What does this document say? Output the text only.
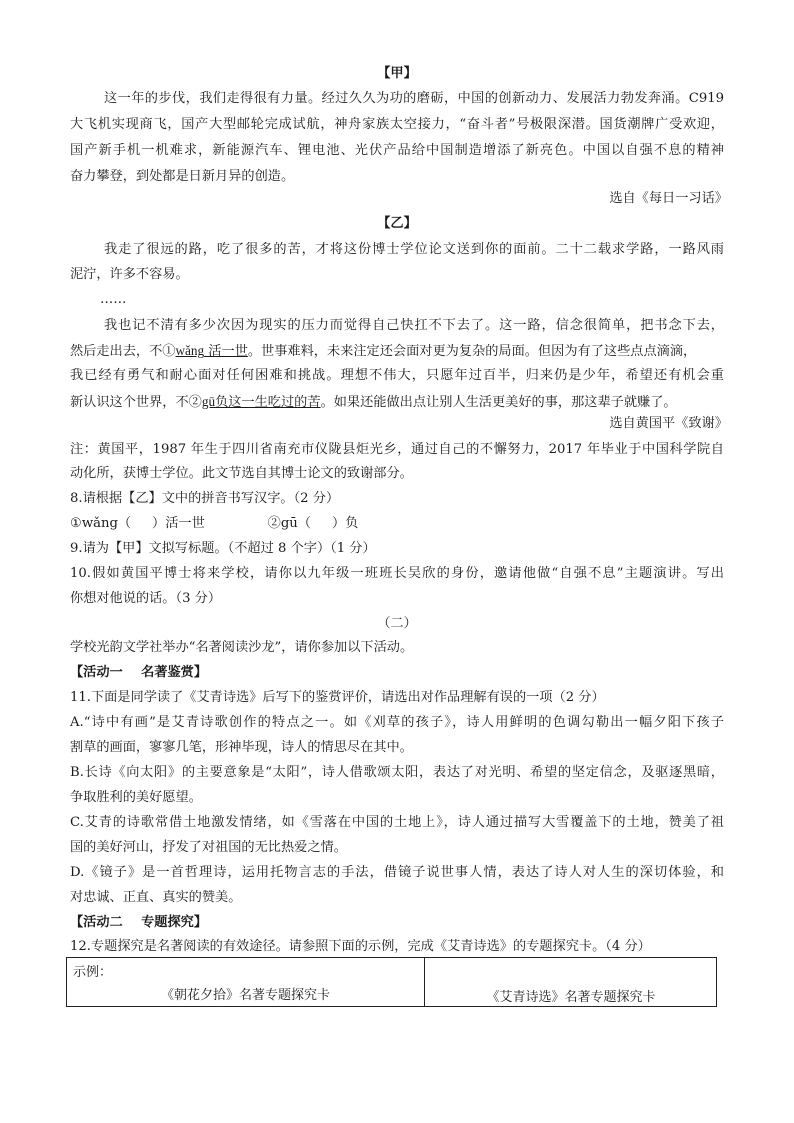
【甲】
这一年的步伐，我们走得很有力量。经过久久为功的磨砺，中国的创新动力、发展活力勃发奔涌。C919
大飞机实现商飞，国产大型邮轮完成试航，神舟家族太空接力，“奋斗者”号极限深潜。国货潮牌广受欢迎，
国产新手机一机难求，新能源汽车、锂电池、光伏产品给中国制造增添了新亮色。中国以自强不息的精神
奋力攀登，到处都是日新月异的创造。
选自《每日一习话》
【乙】
我走了很远的路，吃了很多的苦，才将这份博士学位论文送到你的面前。二十二载求学路，一路风雨
泥泞，许多不容易。
……
我也记不清有多少次因为现实的压力而觉得自己快扛不下去了。这一路，信念很简单，把书念下去，
然后走出去，不①wǎng 活一世。世事难料，未来注定还会面对更为复杂的局面。但因为有了这些点点滴滴，
我已经有勇气和耐心面对任何困难和挑战。理想不伟大，只愿年过百半，归来仍是少年，希望还有机会重
新认识这个世界，不②gū负这一生吃过的苦。如果还能做出点让别人生活更美好的事，那这辈子就赚了。
选自黄国平《致谢》
注：黄国平，1987 年生于四川省南充市仪陇县炬光乡，通过自己的不懈努力，2017 年毕业于中国科学院自
动化所，获博士学位。此文节选自其博士论文的致谢部分。
8.请根据【乙】文中的拼音书写汉字。（2 分）
①wǎng（     ）活一世               ②gū（     ）负
9.请为【甲】文拟写标题。（不超过 8 个字）（1 分）
10.假如黄国平博士将来学校，请你以九年级一班班长吴欣的身份，邀请他做“自强不息”主题演讲。写出
你想对他说的话。（3 分）
（二）
学校光韵文学社举办“名著阅读沙龙”，请你参加以下活动。
【活动一    名著鉴赏】
11.下面是同学读了《艾青诗选》后写下的鉴赏评价，请选出对作品理解有误的一项（2 分）
A.“诗中有画”是艾青诗歌创作的特点之一。如《刈草的孩子》，诗人用鲜明的色调勾勒出一幅夕阳下孩子
割草的画面，寥寥几笔，形神毕现，诗人的情思尽在其中。
B.长诗《向太阳》的主要意象是“太阳”，诗人借歌颂太阳，表达了对光明、希望的坚定信念，及驱逐黑暗，
争取胜利的美好愿望。
C.艾青的诗歌常借土地激发情绪，如《雪落在中国的土地上》，诗人通过描写大雪覆盖下的土地，赞美了祖
国的美好河山，抒发了对祖国的无比热爱之情。
D.《镜子》是一首哲理诗，运用托物言志的手法，借镜子说世事人情，表达了诗人对人生的深切体验，和
对忠诚、正直、真实的赞美。
【活动二    专题探究】
12.专题探究是名著阅读的有效途径。请参照下面的示例，完成《艾青诗选》的专题探究卡。（4 分）
示例：
《朝花夕拾》名著专题探究卡	《艾青诗选》名著专题探究卡
